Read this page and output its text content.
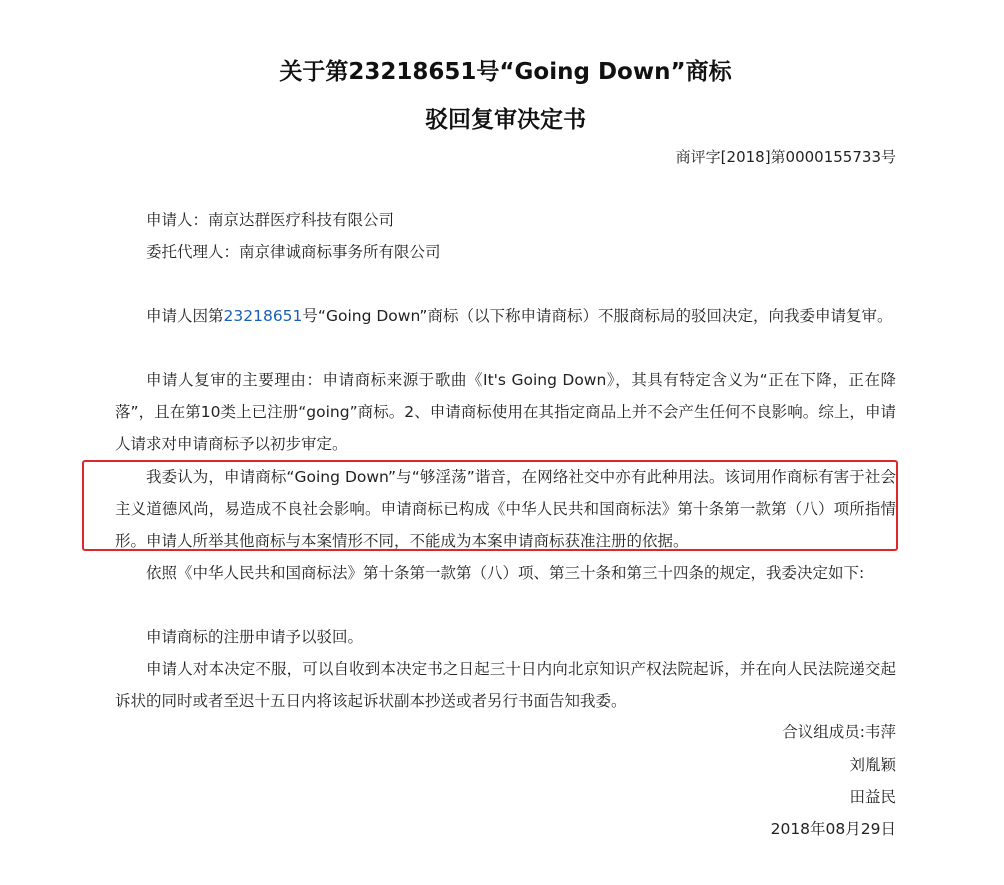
关于第23218651号“Going Down”商标
驳回复审决定书
商评字[2018]第0000155733号
申请人：南京达群医疗科技有限公司
委托代理人：南京律诚商标事务所有限公司
申请人因第23218651号“Going Down”商标（以下称申请商标）不服商标局的驳回决定，向我委申请复审。
申请人复审的主要理由：申请商标来源于歌曲《It's Going Down》，其具有特定含义为“正在下降，正在降落”，且在第10类上已注册“going”商标。2、申请商标使用在其指定商品上并不会产生任何不良影响。综上，申请人请求对申请商标予以初步审定。
我委认为，申请商标“Going Down”与“够淫荡”谐音，在网络社交中亦有此种用法。该词用作商标有害于社会主义道德风尚，易造成不良社会影响。申请商标已构成《中华人民共和国商标法》第十条第一款第（八）项所指情形。申请人所举其他商标与本案情形不同，不能成为本案申请商标获准注册的依据。
依照《中华人民共和国商标法》第十条第一款第（八）项、第三十条和第三十四条的规定，我委决定如下:
申请商标的注册申请予以驳回。
申请人对本决定不服，可以自收到本决定书之日起三十日内向北京知识产权法院起诉，并在向人民法院递交起诉状的同时或者至迟十五日内将该起诉状副本抄送或者另行书面告知我委。
合议组成员:韦萍
刘胤颖
田益民
2018年08月29日
